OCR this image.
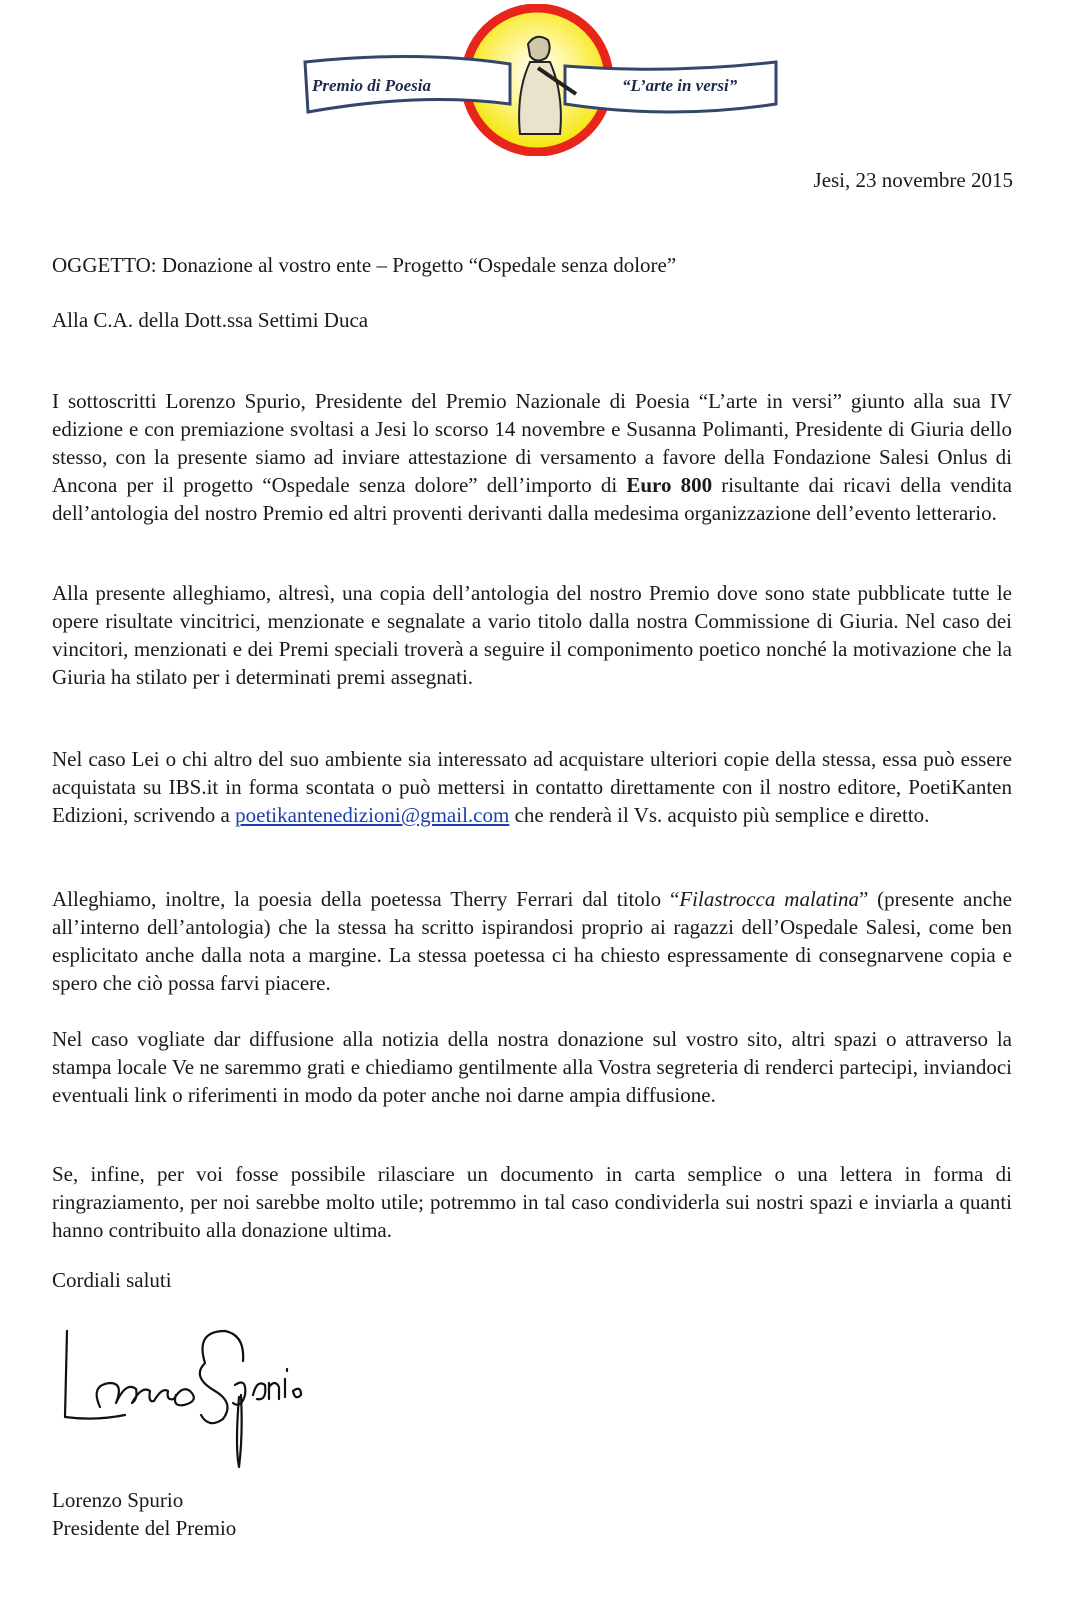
Premio di Poesia	“L’arte in versi”
Jesi, 23 novembre 2015
OGGETTO: Donazione al vostro ente – Progetto “Ospedale senza dolore”
Alla C.A. della Dott.ssa Settimi Duca

I sottoscritti Lorenzo Spurio, Presidente del Premio Nazionale di Poesia “L’arte in versi” giunto alla sua IV edizione e con premiazione svoltasi a Jesi lo scorso 14 novembre e Susanna Polimanti, Presidente di Giuria dello stesso, con la presente siamo ad inviare attestazione di versamento a favore della Fondazione Salesi Onlus di Ancona per il progetto “Ospedale senza dolore” dell’importo di Euro 800 risultante dai ricavi della vendita dell’antologia del nostro Premio ed altri proventi derivanti dalla medesima organizzazione dell’evento letterario.

Alla presente alleghiamo, altresì, una copia dell’antologia del nostro Premio dove sono state pubblicate tutte le opere risultate vincitrici, menzionate e segnalate a vario titolo dalla nostra Commissione di Giuria. Nel caso dei vincitori, menzionati e dei Premi speciali troverà a seguire il componimento poetico nonché la motivazione che la Giuria ha stilato per i determinati premi assegnati.

Nel caso Lei o chi altro del suo ambiente sia interessato ad acquistare ulteriori copie della stessa, essa può essere acquistata su IBS.it in forma scontata o può mettersi in contatto direttamente con il nostro editore, PoetiKanten Edizioni, scrivendo a poetikantenedizioni@gmail.com che renderà il Vs. acquisto più semplice e diretto.

Alleghiamo, inoltre, la poesia della poetessa Therry Ferrari dal titolo “Filastrocca malatina” (presente anche all’interno dell’antologia) che la stessa ha scritto ispirandosi proprio ai ragazzi dell’Ospedale Salesi, come ben esplicitato anche dalla nota a margine. La stessa poetessa ci ha chiesto espressamente di consegnarvene copia e spero che ciò possa farvi piacere.

Nel caso vogliate dar diffusione alla notizia della nostra donazione sul vostro sito, altri spazi o attraverso la stampa locale Ve ne saremmo grati e chiediamo gentilmente alla Vostra segreteria di renderci partecipi, inviandoci eventuali link o riferimenti in modo da poter anche noi darne ampia diffusione.

Se, infine, per voi fosse possibile rilasciare un documento in carta semplice o una lettera in forma di ringraziamento, per noi sarebbe molto utile; potremmo in tal caso condividerla sui nostri spazi e inviarla a quanti hanno contribuito alla donazione ultima.

Cordiali saluti
Lorenzo Spurio
Presidente del Premio
